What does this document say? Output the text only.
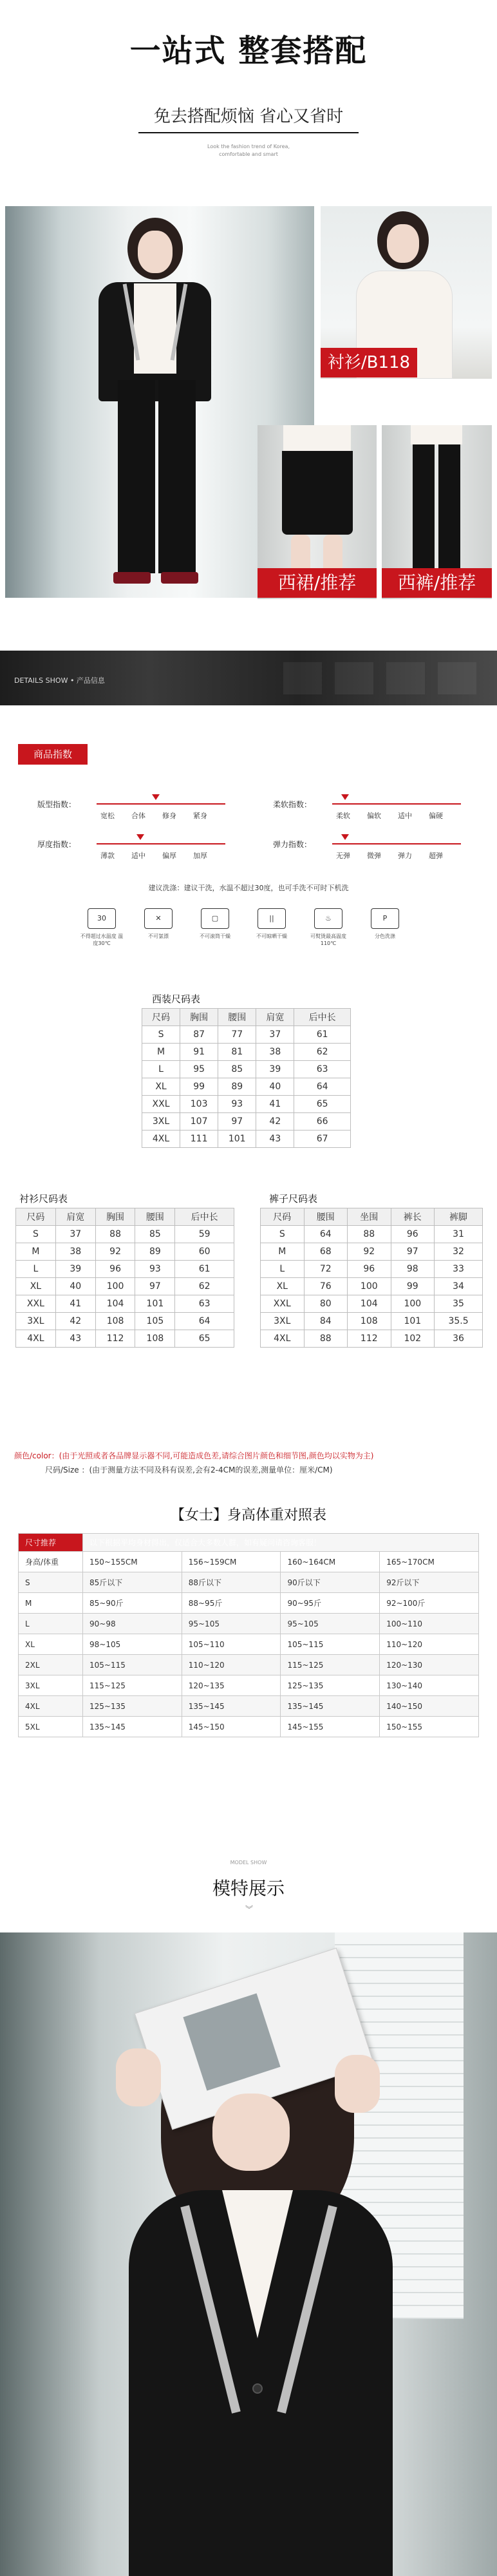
一站式 整套搭配
免去搭配烦恼 省心又省时
Look the fashion trend of Korea,
comfortable and smart
衬衫/B118
西裙/推荐	西裤/推荐
DETAILS SHOW • 产品信息
商品指数
版型指数：
宽松 合体 修身 紧身
柔软指数：
柔软 偏软 适中 偏硬
厚度指数：
薄款 适中 偏厚 加厚
弹力指数：
无弹 微弹 弹力 超弹
建议洗涤：建议干洗，水温不超过30度，也可手洗不可时下机洗
30	✕	▢	||	♨	P
不得超过水温度 温度30℃
不可氯漂	不可滚筒干燥	不可晾晒干燥	可熨烫最高温度110℃
分色洗涤
西装尺码表
尺码	胸围	腰围	肩宽	后中长
S	87	77	37	61
M	91	81	38	62
L	95	85	39	63
XL	99	89	40	64
XXL	103	93	41	65
3XL	107	97	42	66
4XL	111	101	43	67
衬衫尺码表
尺码	肩宽	胸围	腰围	后中长
S	37	88	85	59
M	38	92	89	60
L	39	96	93	61
XL	40	100	97	62
XXL	41	104	101	63
3XL	42	108	105	64
4XL	43	112	108	65
裤子尺码表
尺码	腰围	坐围	裤长	裤脚
S	64	88	96	31
M	68	92	97	32
L	72	96	98	33
XL	76	100	99	34
XXL	80	104	100	35
3XL	84	108	101	35.5
4XL	88	112	102	36
颜色/color：(由于光照或者各品牌显示器不同,可能造成色差,请综合图片颜色和细节图,颜色均以实物为主)
尺码/Size ：(由于测量方法不同及科有误差,会有2-4CM的误差,测量单位：厘米/CM)
【女士】身高体重对照表
尺寸推荐	以下根据平均身材得出，仅适合大多数人群，如有疑问请咨询客服！			
身高/体重	150~155CM	156~159CM	160~164CM	165~170CM
S	85斤以下	88斤以下	90斤以下	92斤以下
M	85~90斤	88~95斤	90~95斤	92~100斤
L	90~98	95~105	95~105	100~110
XL	98~105	105~110	105~115	110~120
2XL	105~115	110~120	115~125	120~130
3XL	115~125	120~135	125~135	130~140
4XL	125~135	135~145	135~145	140~150
5XL	135~145	145~150	145~155	150~155
MODEL SHOW
模特展示
︾
